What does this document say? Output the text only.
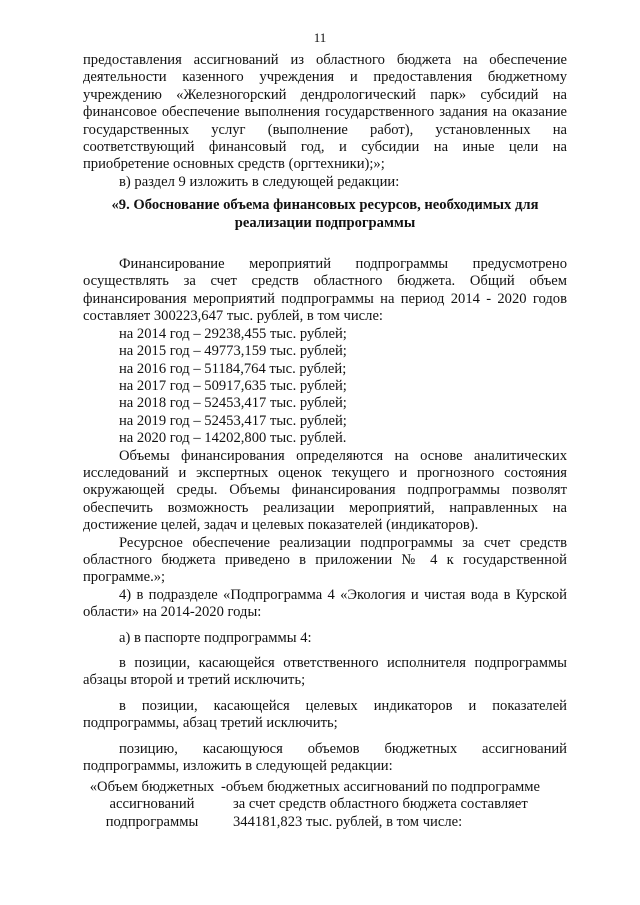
11

предоставления ассигнований из областного бюджета на обеспечение деятельности казенного учреждения и предоставления бюджетному учреждению «Железногорский дендрологический парк» субсидий на финансовое обеспечение выполнения государственного задания на оказание государственных услуг (выполнение работ), установленных на соответствующий финансовый год, и субсидии на иные цели на приобретение основных средств (оргтехники);»;

в) раздел 9 изложить в следующей редакции:

«9. Обоснование объема финансовых ресурсов, необходимых для реализации подпрограммы

Финансирование мероприятий подпрограммы предусмотрено осуществлять за счет средств областного бюджета. Общий объем финансирования мероприятий подпрограммы на период 2014 - 2020 годов составляет 300223,647 тыс. рублей, в том числе:

на 2014 год – 29238,455 тыс. рублей;
на 2015 год – 49773,159 тыс. рублей;
на 2016 год – 51184,764 тыс. рублей;
на 2017 год – 50917,635 тыс. рублей;
на 2018 год – 52453,417 тыс. рублей;
на 2019 год – 52453,417 тыс. рублей;
на 2020 год – 14202,800 тыс. рублей.

Объемы финансирования определяются на основе аналитических исследований и экспертных оценок текущего и прогнозного состояния окружающей среды. Объемы финансирования подпрограммы позволят обеспечить возможность реализации мероприятий, направленных на достижение целей, задач и целевых показателей (индикаторов).

Ресурсное обеспечение реализации подпрограммы за счет средств областного бюджета приведено в приложении № 4 к государственной программе.»;

4) в подразделе «Подпрограмма 4 «Экология и чистая вода в Курской области» на 2014-2020 годы:

а) в паспорте подпрограммы 4:

в позиции, касающейся ответственного исполнителя подпрограммы абзацы второй и третий исключить;

в позиции, касающейся целевых индикаторов и показателей подпрограммы, абзац третий исключить;

позицию, касающуюся объемов бюджетных ассигнований подпрограммы, изложить в следующей редакции:

«Объем бюджетных ассигнований подпрограммы

-объем бюджетных ассигнований по подпрограмме

за счет средств областного бюджета составляет 344181,823 тыс. рублей, в том числе:
